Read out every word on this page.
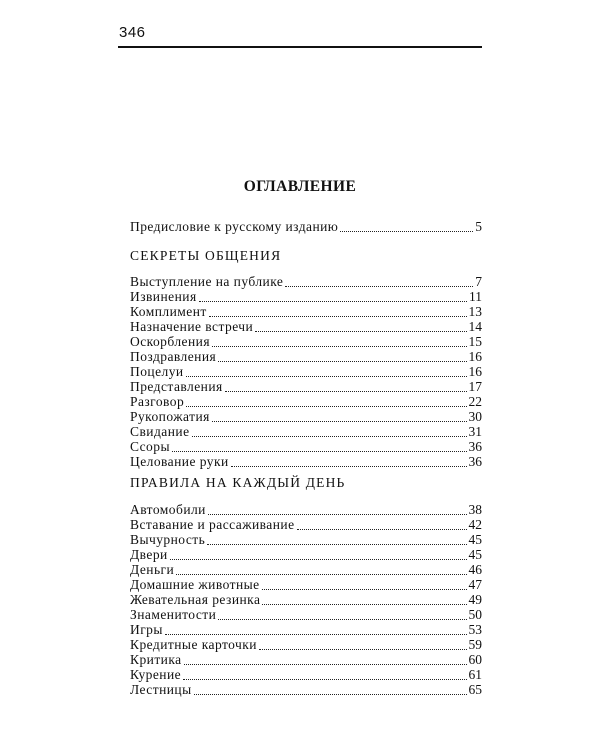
346
ОГЛАВЛЕНИЕ
Предисловие к русскому изданию	5
СЕКРЕТЫ ОБЩЕНИЯ
Выступление на публике	7
Извинения	11
Комплимент	13
Назначение встречи	14
Оскорбления	15
Поздравления	16
Поцелуи	16
Представления	17
Разговор	22
Рукопожатия	30
Свидание	31
Ссоры	36
Целование руки	36
ПРАВИЛА НА КАЖДЫЙ ДЕНЬ
Автомобили	38
Вставание и рассаживание	42
Вычурность	45
Двери	45
Деньги	46
Домашние животные	47
Жевательная резинка	49
Знаменитости	50
Игры	53
Кредитные карточки	59
Критика	60
Курение	61
Лестницы	65
